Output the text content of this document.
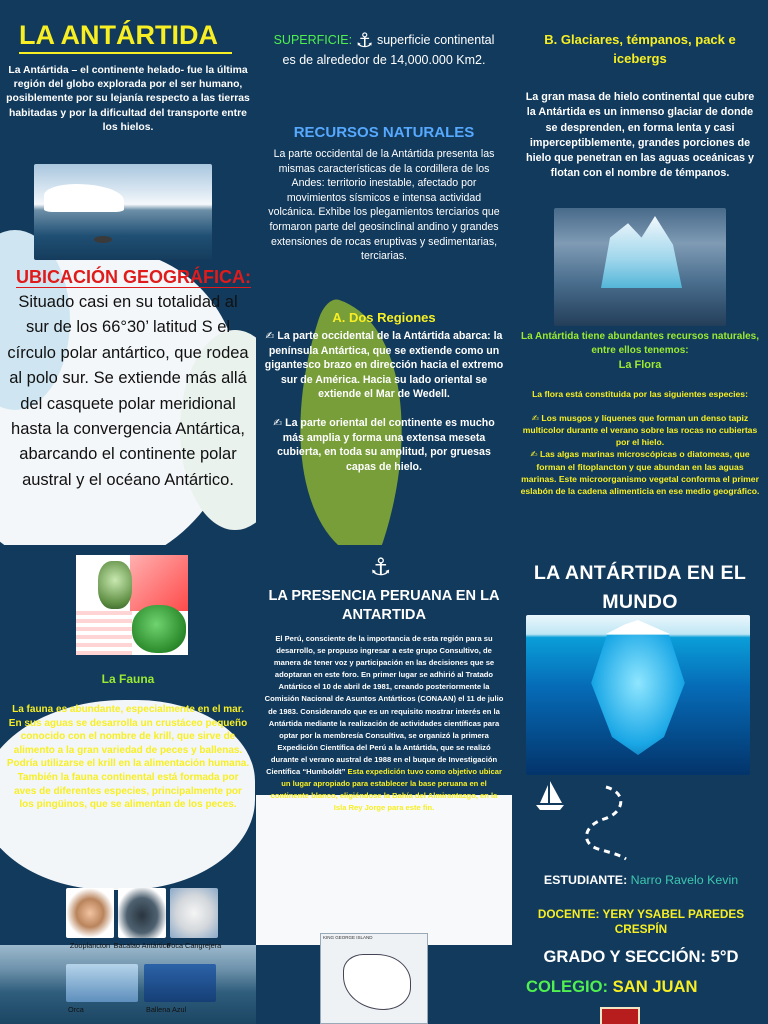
LA ANTÁRTIDA

La Antártida – el continente helado- fue la última región del globo explorada por el ser humano, posiblemente por su lejanía respecto a las tierras habitadas y por la dificultad del transporte entre los hielos.

UBICACIÓN GEOGRÁFICA:

Situado casi en su totalidad al sur de los 66°30’ latitud S el círculo polar antártico, que rodea al polo sur. Se extiende más allá del casquete polar meridional hasta la convergencia Antártica, abarcando el continente polar austral y el océano Antártico.

SUPERFICIE: ⚓ superficie continental es de alrededor de 14,000.000 Km2.

RECURSOS NATURALES

La parte occidental de la Antártida presenta las mismas características de la cordillera de los Andes: territorio inestable, afectado por movimientos sísmicos e intensa actividad volcánica. Exhibe los plegamientos terciarios que formaron parte del geosinclinal andino y grandes extensiones de rocas eruptivas y sedimentarias, terciarias.

A. Dos Regiones

✍ La parte occidental de la Antártida abarca: la península Antártica, que se extiende como un gigantesco brazo en dirección hacia el extremo sur de América. Hacia su lado oriental se extiende el Mar de Wedell.

✍ La parte oriental del continente es mucho más amplia y forma una extensa meseta cubierta, en toda su amplitud, por gruesas capas de hielo.

B. Glaciares, témpanos, pack e icebergs

La gran masa de hielo continental que cubre la Antártida es un inmenso glaciar de donde se desprenden, en forma lenta y casi imperceptiblemente, grandes porciones de hielo que penetran en las aguas oceánicas y flotan con el nombre de témpanos.

La Antártida tiene abundantes recursos naturales, entre ellos tenemos:

La Flora

La flora está constituida por las siguientes especies:

✍ Los musgos y líquenes que forman un denso tapiz multicolor durante el verano sobre las rocas no cubiertas por el hielo.
✍ Las algas marinas microscópicas o diatomeas, que forman el fitoplancton y que abundan en las aguas marinas. Este microorganismo vegetal conforma el primer eslabón de la cadena alimenticia en ese medio geográfico.

La Fauna

La fauna es abundante, especialmente en el mar. En sus aguas se desarrolla un crustáceo pequeño conocido con el nombre de krill, que sirve de alimento a la gran variedad de peces y ballenas. Podría utilizarse el krill en la alimentación humana.
También la fauna continental está formada por aves de diferentes especies, principalmente por los pingüinos, que se alimentan de los peces.

Zooplancton Bacalao Antártico
Foca Cangrejera
Orca	Ballena Azul
⚓
LA PRESENCIA PERUANA EN LA ANTARTIDA
El Perú, consciente de la importancia de esta región para su desarrollo, se propuso ingresar a este grupo Consultivo, de manera de tener voz y participación en las decisiones que se adoptaran en este foro. En primer lugar se adhirió al Tratado Antártico el 10 de abril de 1981, creando posteriormente la Comisión Nacional de Asuntos Antárticos (CONAAN) el 11 de julio de 1983. Considerando que es un requisito mostrar interés en la Antártida mediante la realización de actividades científicas para optar por la membresía Consultiva, se organizó la primera Expedición Científica del Perú a la Antártida, que se realizó durante el verano austral de 1988 en el buque de Investigación Científica “Humboldt” Esta expedición tuvo como objetivo ubicar un lugar apropiado para establecer la base peruana en el continente blanco, eligiéndose la Bahía del Almirantazgo, en la Isla Rey Jorge para este fin.
KING GEORGE ISLAND
LA ANTÁRTIDA EN EL MUNDO

ESTUDIANTE: Narro Ravelo Kevin

DOCENTE: YERY YSABEL PAREDES CRESPÍN

GRADO Y SECCIÓN: 5°D

COLEGIO: SAN JUAN
